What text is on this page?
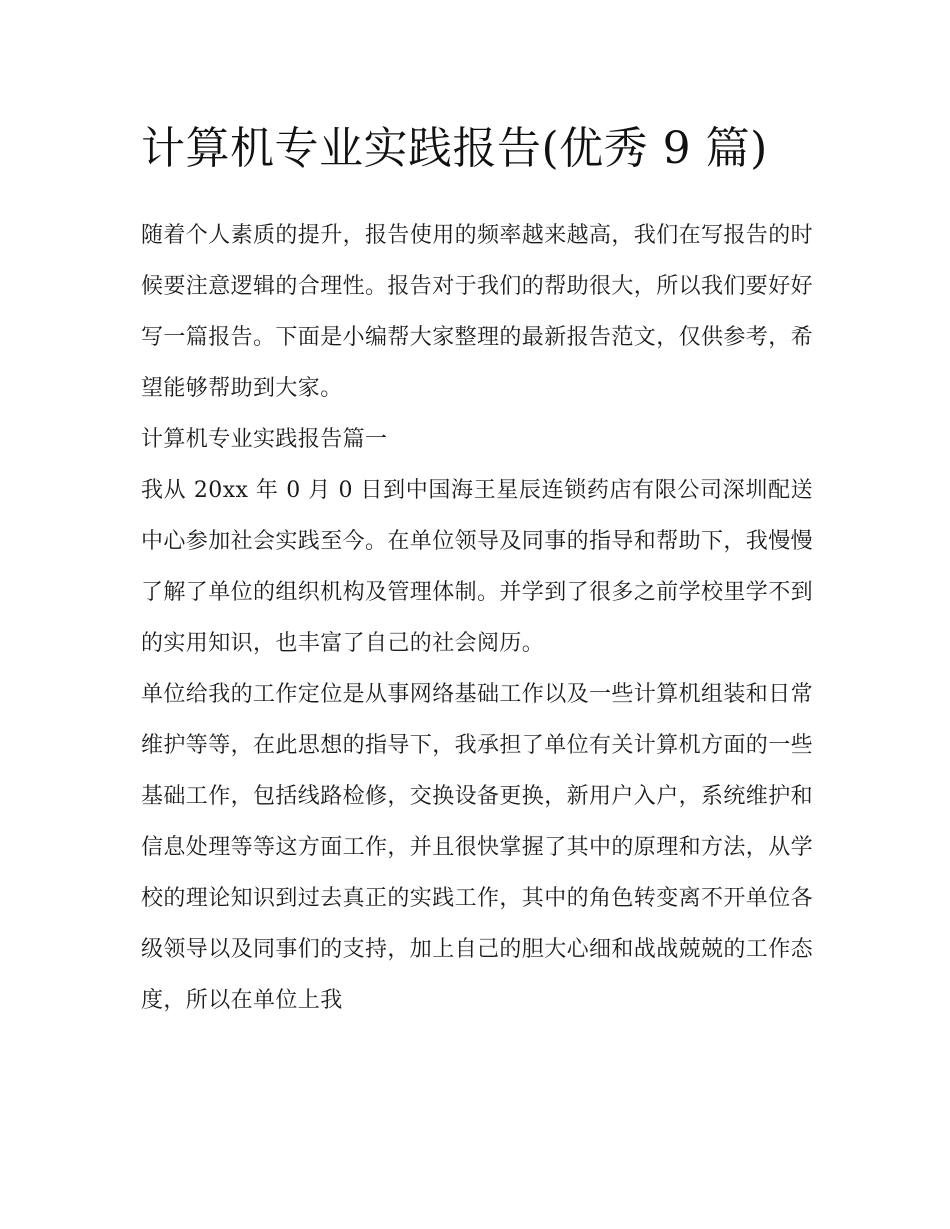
计算机专业实践报告(优秀 9 篇)

随着个人素质的提升，报告使用的频率越来越高，我们在写报告的时候要注意逻辑的合理性。报告对于我们的帮助很大，所以我们要好好写一篇报告。下面是小编帮大家整理的最新报告范文，仅供参考，希望能够帮助到大家。

计算机专业实践报告篇一

我从 20xx 年 0 月 0 日到中国海王星辰连锁药店有限公司深圳配送中心参加社会实践至今。在单位领导及同事的指导和帮助下，我慢慢了解了单位的组织机构及管理体制。并学到了很多之前学校里学不到的实用知识，也丰富了自己的社会阅历。

单位给我的工作定位是从事网络基础工作以及一些计算机组装和日常维护等等，在此思想的指导下，我承担了单位有关计算机方面的一些基础工作，包括线路检修，交换设备更换，新用户入户，系统维护和信息处理等等这方面工作，并且很快掌握了其中的原理和方法，从学校的理论知识到过去真正的实践工作，其中的角色转变离不开单位各级领导以及同事们的支持，加上自己的胆大心细和战战兢兢的工作态度，所以在单位上我
